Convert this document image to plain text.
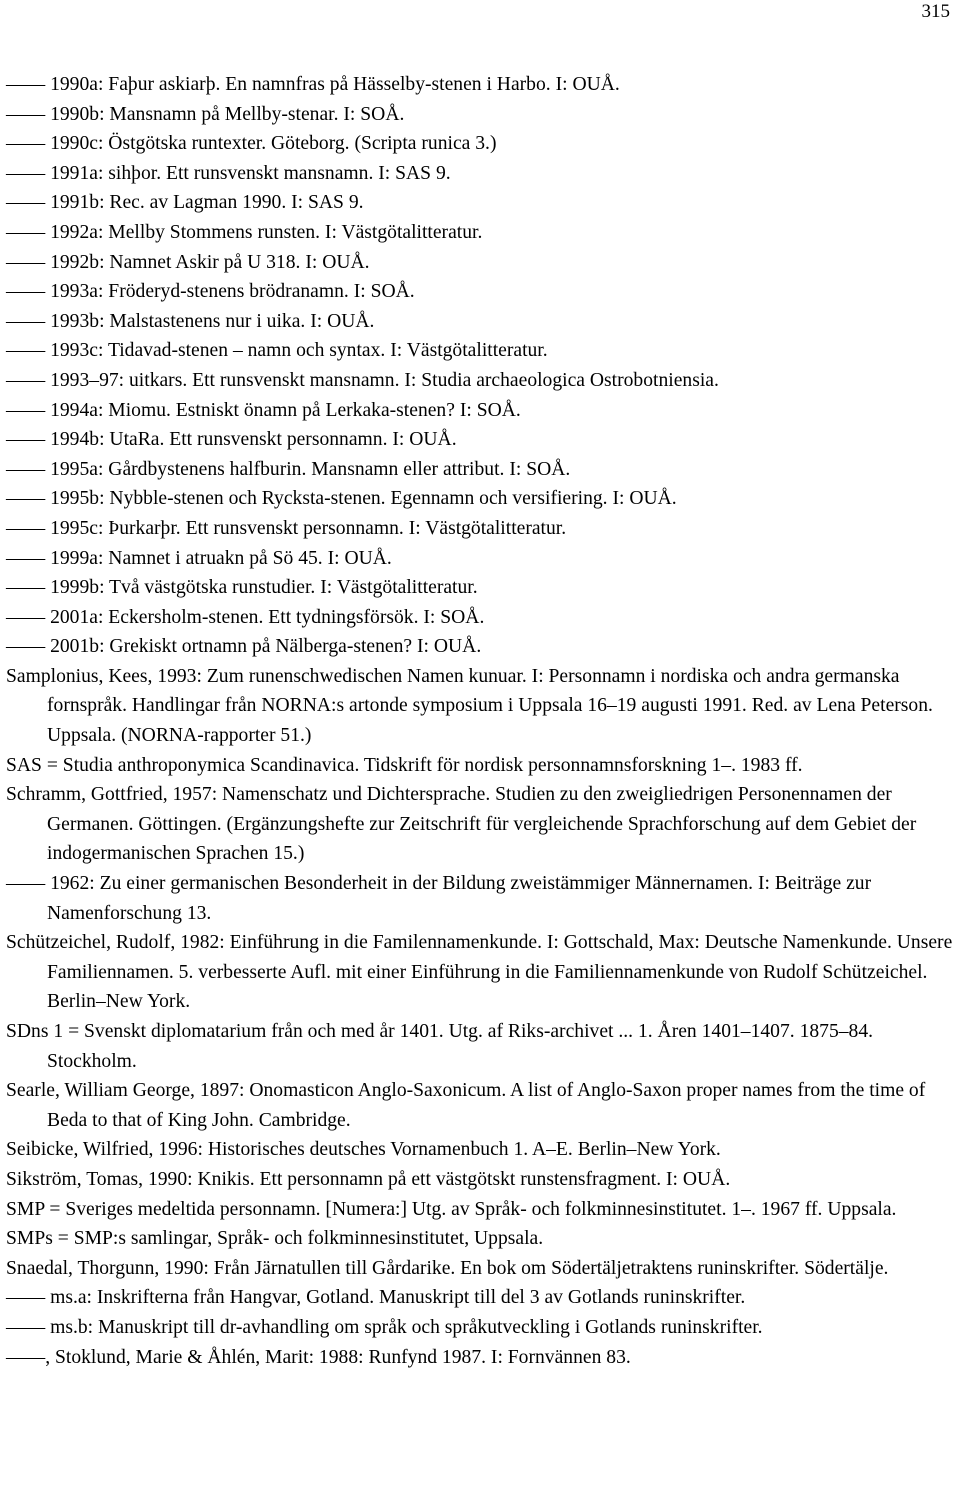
315

―― 1990a: Faþur askiarþ. En namnfras på Hässelby-stenen i Harbo. I: OUÅ.

―― 1990b: Mansnamn på Mellby-stenar. I: SOÅ.

―― 1990c: Östgötska runtexter. Göteborg. (Scripta runica 3.)

―― 1991a: sihþor. Ett runsvenskt mansnamn. I: SAS 9.

―― 1991b: Rec. av Lagman 1990. I: SAS 9.

―― 1992a: Mellby Stommens runsten. I: Västgötalitteratur.

―― 1992b: Namnet Askir på U 318. I: OUÅ.

―― 1993a: Fröderyd-stenens brödranamn. I: SOÅ.

―― 1993b: Malstastenens nur i uika. I: OUÅ.

―― 1993c: Tidavad-stenen – namn och syntax. I: Västgötalitteratur.

―― 1993–97: uitkars. Ett runsvenskt mansnamn. I: Studia archaeologica Ostrobotniensia.

―― 1994a: Miomu. Estniskt önamn på Lerkaka-stenen? I: SOÅ.

―― 1994b: UtaRa. Ett runsvenskt personnamn. I: OUÅ.

―― 1995a: Gårdbystenens halfburin. Mansnamn eller attribut. I: SOÅ.

―― 1995b: Nybble-stenen och Ryckstа-stenen. Egennamn och versifiering. I: OUÅ.

―― 1995c: Þurkarþr. Ett runsvenskt personnamn. I: Västgötalitteratur.

―― 1999a: Namnet i atruakn på Sö 45. I: OUÅ.

―― 1999b: Två västgötska runstudier. I: Västgötalitteratur.

―― 2001a: Eckersholm-stenen. Ett tydningsförsök. I: SOÅ.

―― 2001b: Grekiskt ortnamn på Nälberga-stenen? I: OUÅ.

Samplonius, Kees, 1993: Zum runenschwedischen Namen kunuar. I: Personnamn i nordiska och andra germanska fornspråk. Handlingar från NORNA:s artonde symposium i Uppsala 16–19 augusti 1991. Red. av Lena Peterson. Uppsala. (NORNA-rapporter 51.)

SAS = Studia anthroponymica Scandinavica. Tidskrift för nordisk personnamnsforskning 1–. 1983 ff.

Schramm, Gottfried, 1957: Namenschatz und Dichtersprache. Studien zu den zweigliedrigen Personennamen der Germanen. Göttingen. (Ergänzungshefte zur Zeitschrift für vergleichende Sprachforschung auf dem Gebiet der indogermanischen Sprachen 15.)

―― 1962: Zu einer germanischen Besonderheit in der Bildung zweistämmiger Männernamen. I: Beiträge zur Namenforschung 13.

Schützeichel, Rudolf, 1982: Einführung in die Familennamenkunde. I: Gottschald, Max: Deutsche Namenkunde. Unsere Familiennamen. 5. verbesserte Aufl. mit einer Einführung in die Familiennamenkunde von Rudolf Schützeichel. Berlin–New York.

SDns 1 = Svenskt diplomatarium från och med år 1401. Utg. af Riks-archivet ... 1. Åren 1401–1407. 1875–84. Stockholm.

Searle, William George, 1897: Onomasticon Anglo-Saxonicum. A list of Anglo-Saxon proper names from the time of Beda to that of King John. Cambridge.

Seibicke, Wilfried, 1996: Historisches deutsches Vornamenbuch 1. A–E. Berlin–New York.

Sikström, Tomas, 1990: Knikis. Ett personnamn på ett västgötskt runstensfragment. I: OUÅ.

SMP = Sveriges medeltida personnamn. [Numera:] Utg. av Språk- och folkminnesinstitutet. 1–. 1967 ff. Uppsala.

SMPs = SMP:s samlingar, Språk- och folkminnesinstitutet, Uppsala.

Snaedal, Thorgunn, 1990: Från Järnatullen till Gårdarike. En bok om Södertäljetraktens runinskrifter. Södertälje.

―― ms.a: Inskrifterna från Hangvar, Gotland. Manuskript till del 3 av Gotlands runinskrifter.

―― ms.b: Manuskript till dr-avhandling om språk och språkutveckling i Gotlands runinskrifter.

――, Stoklund, Marie & Åhlén, Marit: 1988: Runfynd 1987. I: Fornvännen 83.
